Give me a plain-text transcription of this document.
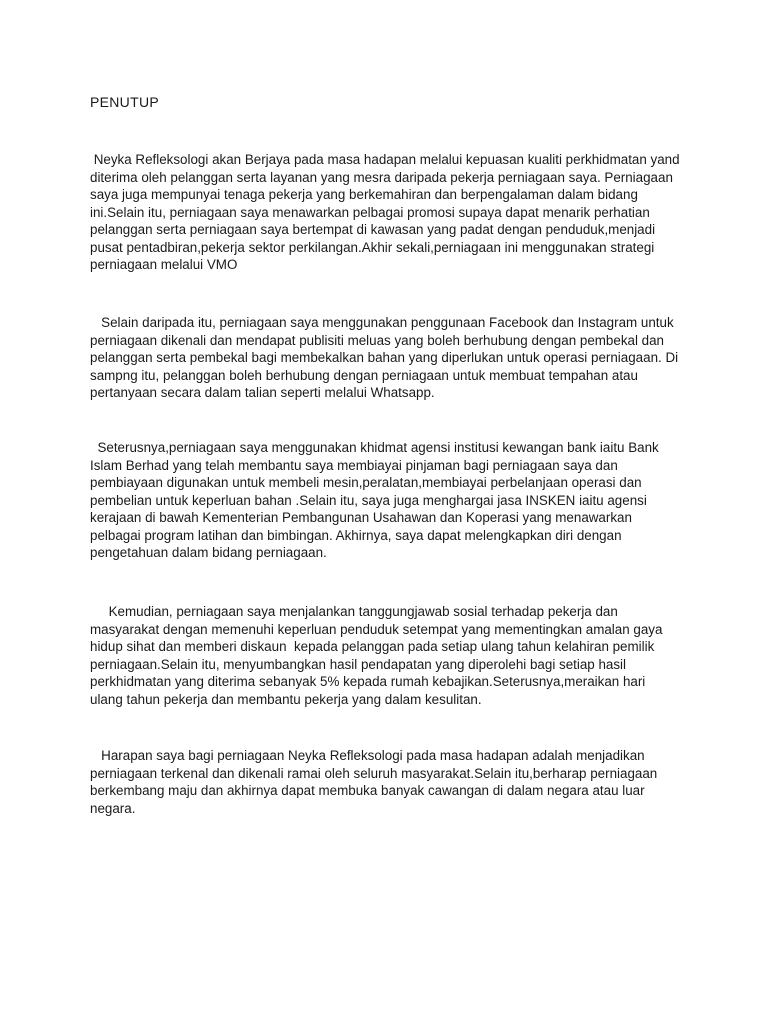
PENUTUP

Neyka Refleksologi akan Berjaya pada masa hadapan melalui kepuasan kualiti perkhidmatan yand diterima oleh pelanggan serta layanan yang mesra daripada pekerja perniagaan saya. Perniagaan saya juga mempunyai tenaga pekerja yang berkemahiran dan berpengalaman dalam bidang ini.Selain itu, perniagaan saya menawarkan pelbagai promosi supaya dapat menarik perhatian pelanggan serta perniagaan saya bertempat di kawasan yang padat dengan penduduk,menjadi pusat pentadbiran,pekerja sektor perkilangan.Akhir sekali,perniagaan ini menggunakan strategi perniagaan melalui VMO

Selain daripada itu, perniagaan saya menggunakan penggunaan Facebook dan Instagram untuk perniagaan dikenali dan mendapat publisiti meluas yang boleh berhubung dengan pembekal dan pelanggan serta pembekal bagi membekalkan bahan yang diperlukan untuk operasi perniagaan. Di sampng itu, pelanggan boleh berhubung dengan perniagaan untuk membuat tempahan atau pertanyaan secara dalam talian seperti melalui Whatsapp.

Seterusnya,perniagaan saya menggunakan khidmat agensi institusi kewangan bank iaitu Bank Islam Berhad yang telah membantu saya membiayai pinjaman bagi perniagaan saya dan pembiayaan digunakan untuk membeli mesin,peralatan,membiayai perbelanjaan operasi dan pembelian untuk keperluan bahan .Selain itu, saya juga menghargai jasa INSKEN iaitu agensi kerajaan di bawah Kementerian Pembangunan Usahawan dan Koperasi yang menawarkan pelbagai program latihan dan bimbingan. Akhirnya, saya dapat melengkapkan diri dengan pengetahuan dalam bidang perniagaan.

Kemudian, perniagaan saya menjalankan tanggungjawab sosial terhadap pekerja dan masyarakat dengan memenuhi keperluan penduduk setempat yang mementingkan amalan gaya hidup sihat dan memberi diskaun  kepada pelanggan pada setiap ulang tahun kelahiran pemilik perniagaan.Selain itu, menyumbangkan hasil pendapatan yang diperolehi bagi setiap hasil perkhidmatan yang diterima sebanyak 5% kepada rumah kebajikan.Seterusnya,meraikan hari ulang tahun pekerja dan membantu pekerja yang dalam kesulitan.

Harapan saya bagi perniagaan Neyka Refleksologi pada masa hadapan adalah menjadikan perniagaan terkenal dan dikenali ramai oleh seluruh masyarakat.Selain itu,berharap perniagaan berkembang maju dan akhirnya dapat membuka banyak cawangan di dalam negara atau luar negara.
